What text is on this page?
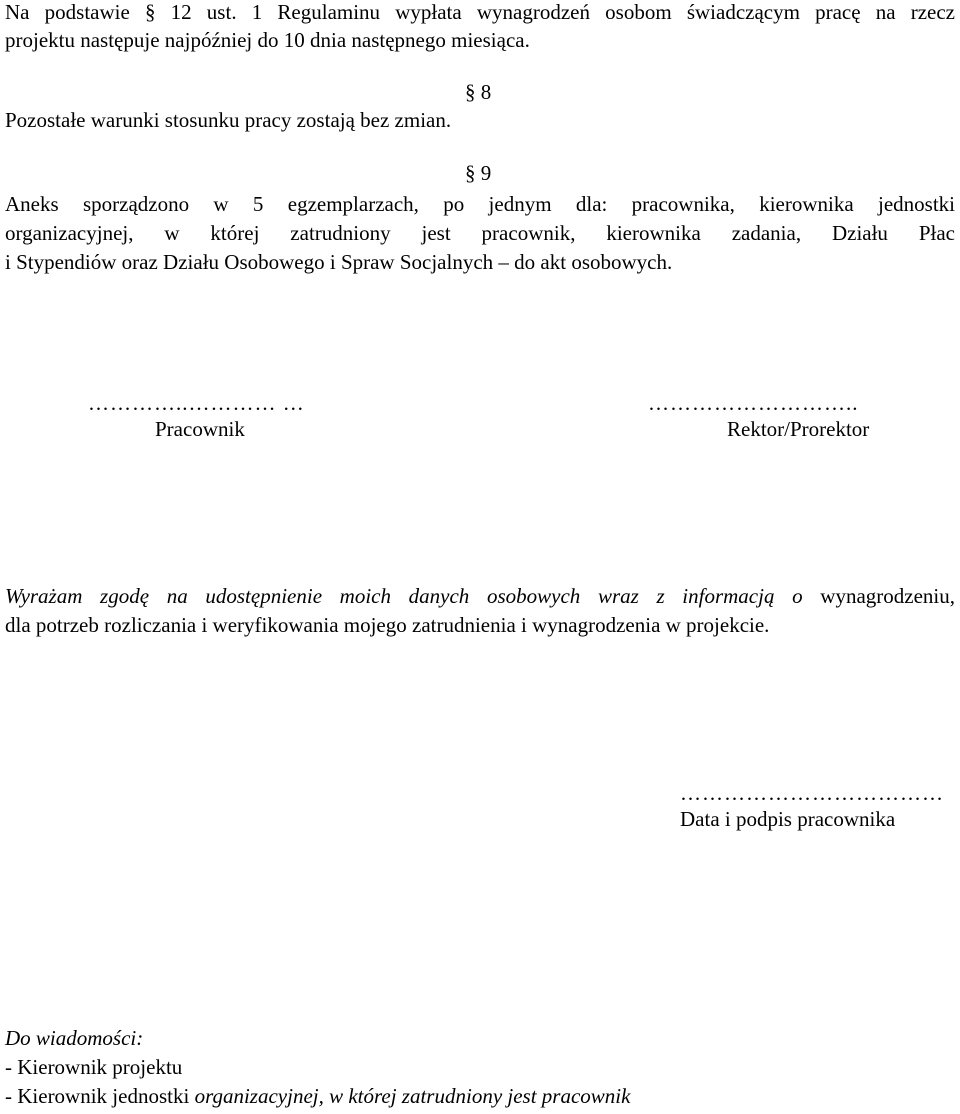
Na podstawie § 12 ust. 1 Regulaminu wypłata wynagrodzeń osobom świadczącym pracę na rzecz
projektu następuje najpóźniej do 10 dnia następnego miesiąca.
§ 8
Pozostałe warunki stosunku pracy zostają bez zmian.
§ 9
Aneks sporządzono w 5 egzemplarzach, po jednym dla: pracownika, kierownika jednostki
organizacyjnej, w której zatrudniony jest pracownik, kierownika zadania, Działu Płac
i Stypendiów oraz Działu Osobowego i Spraw Socjalnych – do akt osobowych.
…………..………… …
Pracownik
………………………..
Rektor/Prorektor
Wyrażam zgodę na udostępnienie moich danych osobowych wraz z informacją o wynagrodzeniu,
dla potrzeb rozliczania i weryfikowania mojego zatrudnienia i wynagrodzenia w projekcie.
………………………………
Data i podpis pracownika
Do wiadomości:
- Kierownik projektu
- Kierownik jednostki organizacyjnej, w której zatrudniony jest pracownik
